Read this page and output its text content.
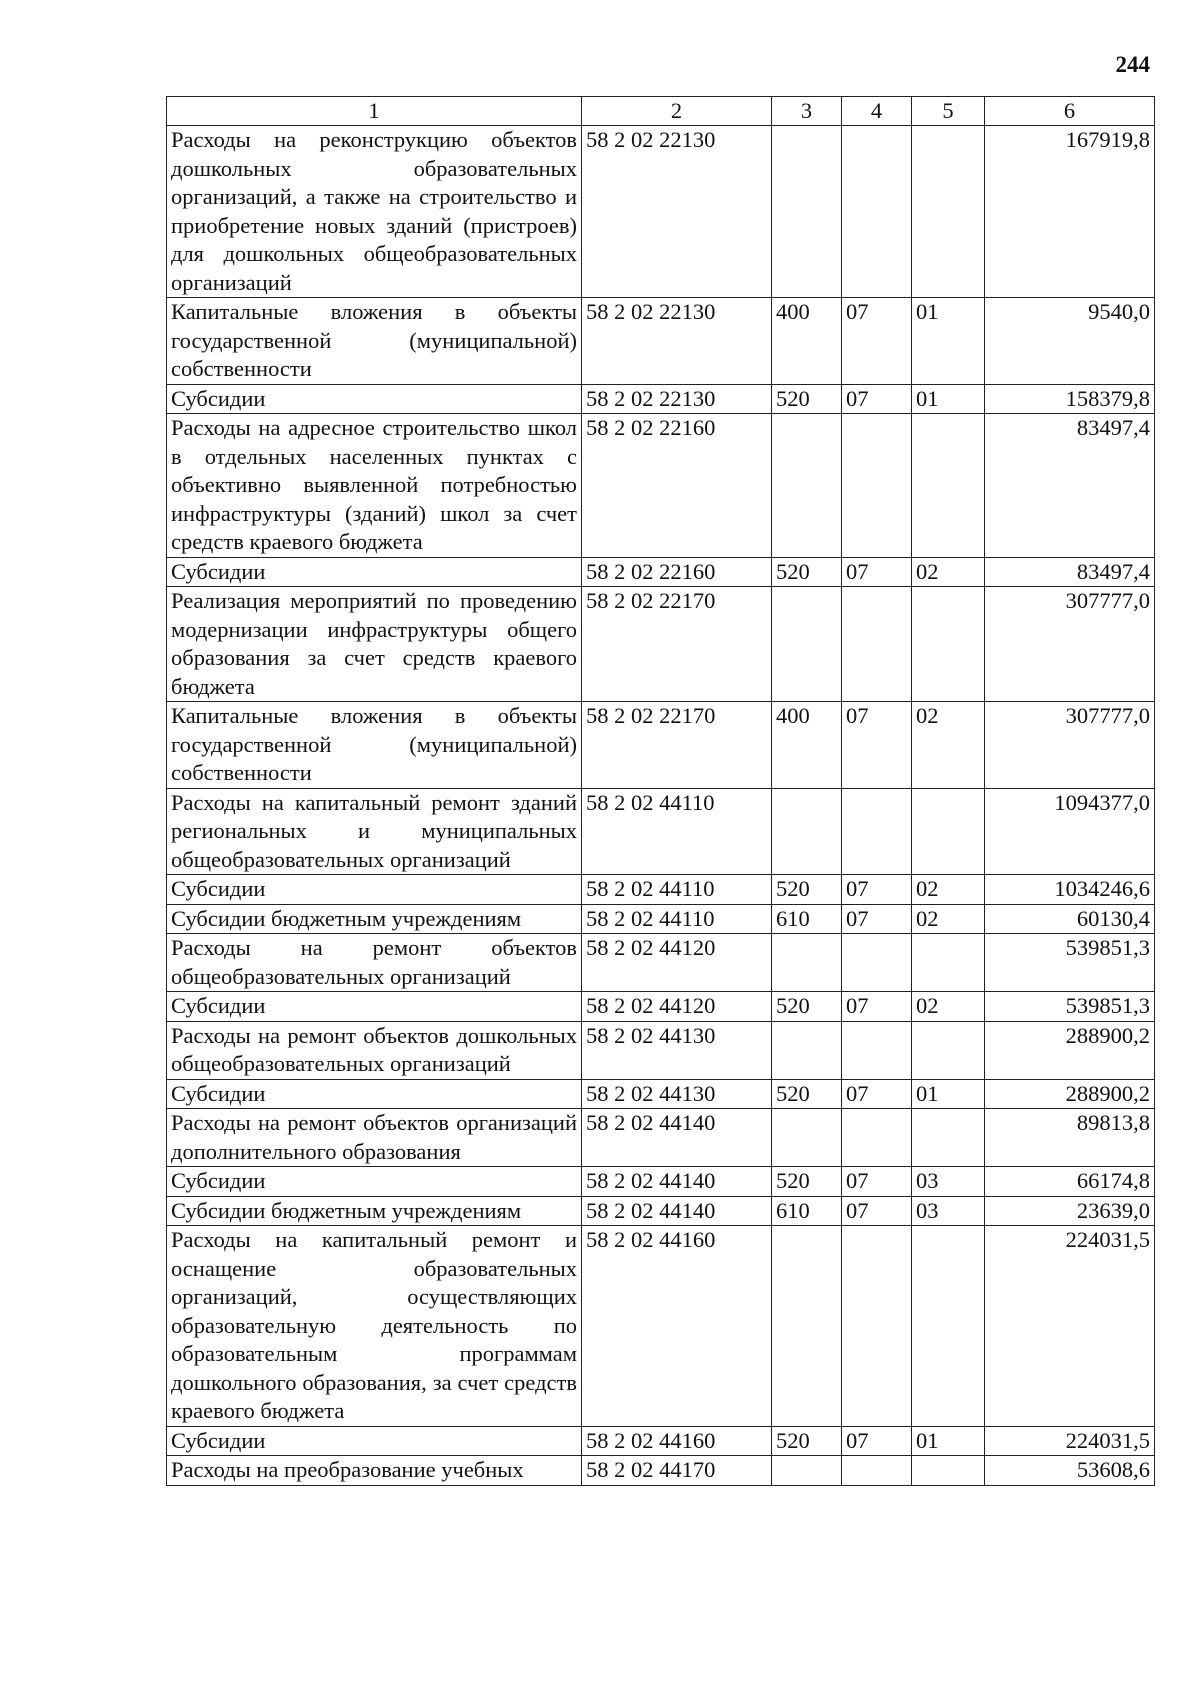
244
1	2	3	4	5	6
Расходы на реконструкцию объектов дошкольных образовательных организаций, а также на строительство и приобретение новых зданий (пристроев) для дошкольных общеобразовательных организаций	58 2 02 22130				167919,8
Капитальные вложения в объекты государственной (муниципальной) собственности	58 2 02 22130	400	07	01	9540,0
Субсидии	58 2 02 22130	520	07	01	158379,8
Расходы на адресное строительство школ в отдельных населенных пунктах с объективно выявленной потребностью инфраструктуры (зданий) школ за счет средств краевого бюджета	58 2 02 22160				83497,4
Субсидии	58 2 02 22160	520	07	02	83497,4
Реализация мероприятий по проведению модернизации инфраструктуры общего образования за счет средств краевого бюджета	58 2 02 22170				307777,0
Капитальные вложения в объекты государственной (муниципальной) собственности	58 2 02 22170	400	07	02	307777,0
Расходы на капитальный ремонт зданий региональных и муниципальных общеобразовательных организаций	58 2 02 44110				1094377,0
Субсидии	58 2 02 44110	520	07	02	1034246,6
Субсидии бюджетным учреждениям	58 2 02 44110	610	07	02	60130,4
Расходы на ремонт объектов общеобразовательных организаций	58 2 02 44120				539851,3
Субсидии	58 2 02 44120	520	07	02	539851,3
Расходы на ремонт объектов дошкольных общеобразовательных организаций	58 2 02 44130				288900,2
Субсидии	58 2 02 44130	520	07	01	288900,2
Расходы на ремонт объектов организаций дополнительного образования	58 2 02 44140				89813,8
Субсидии	58 2 02 44140	520	07	03	66174,8
Субсидии бюджетным учреждениям	58 2 02 44140	610	07	03	23639,0
Расходы на капитальный ремонт и оснащение образовательных организаций, осуществляющих образовательную деятельность по образовательным программам дошкольного образования, за счет средств краевого бюджета	58 2 02 44160				224031,5
Субсидии	58 2 02 44160	520	07	01	224031,5
Расходы на преобразование учебных	58 2 02 44170				53608,6
